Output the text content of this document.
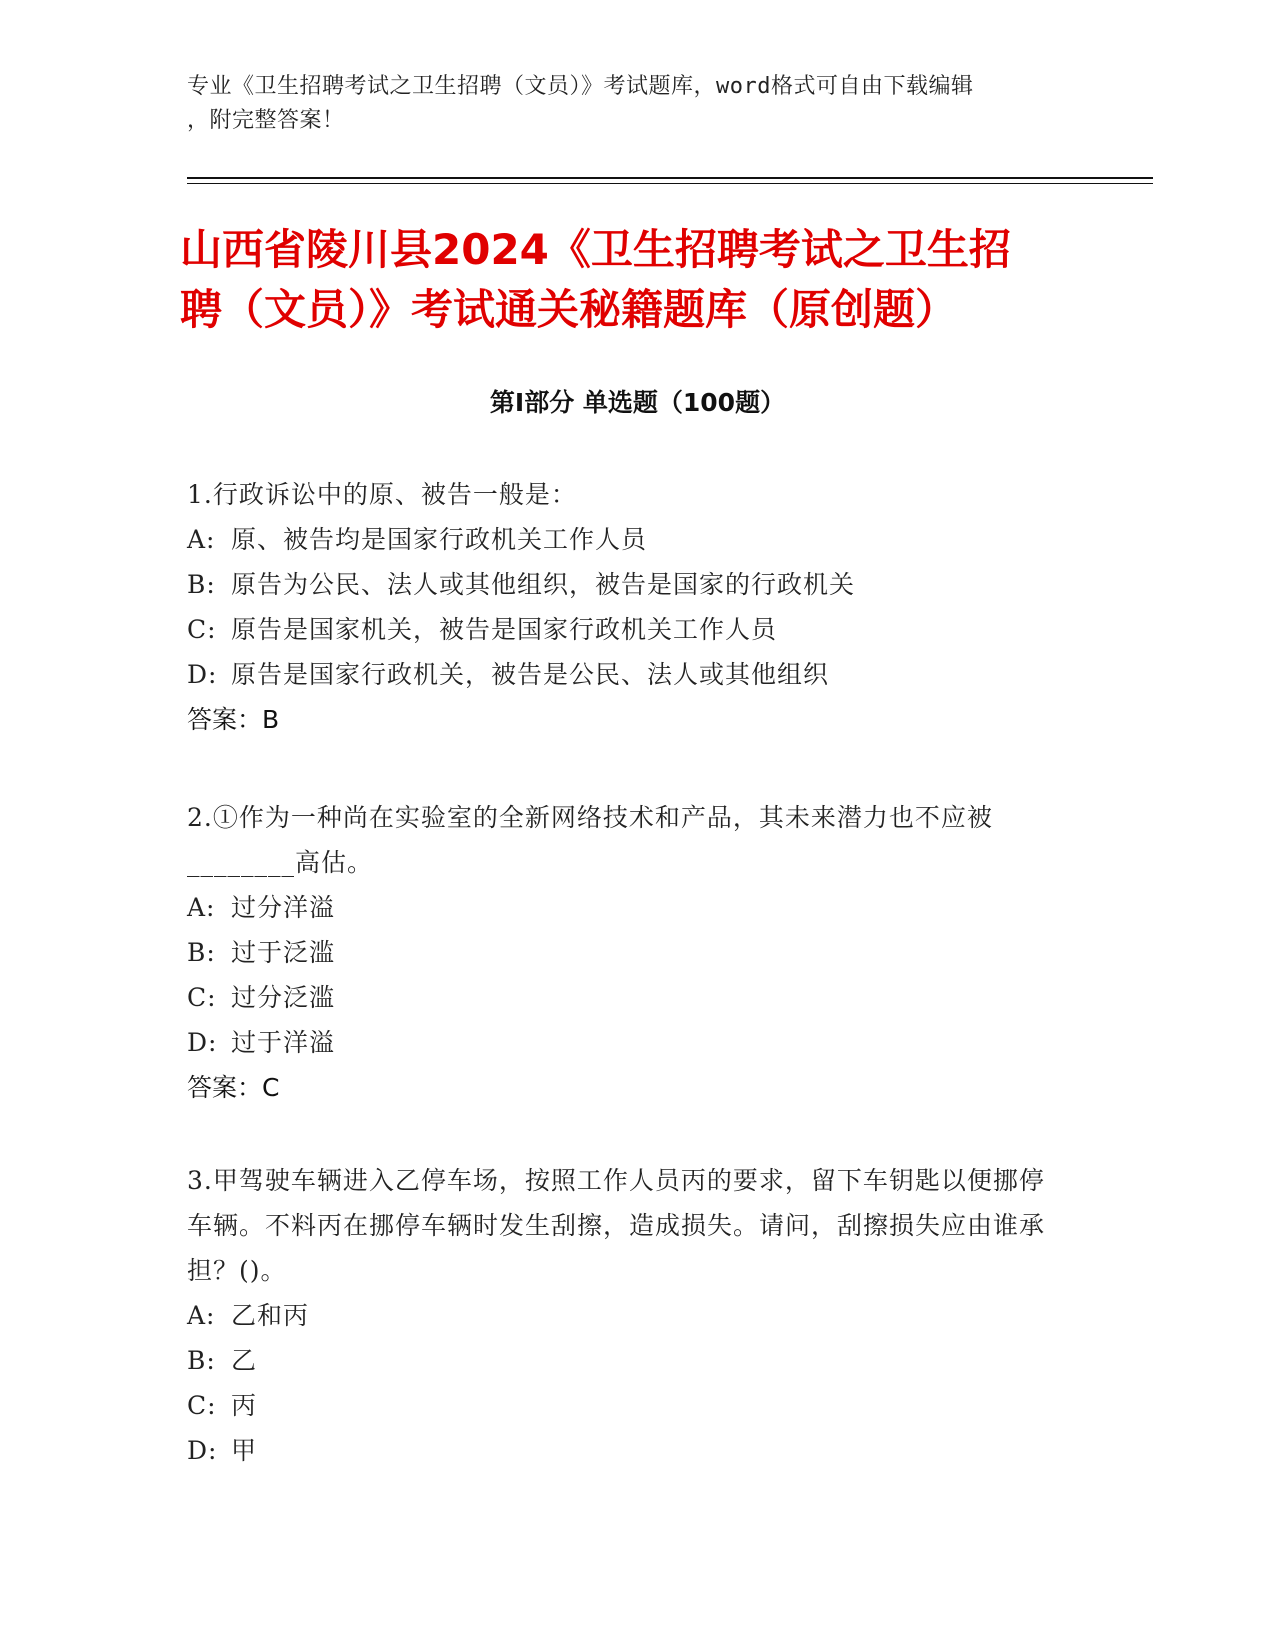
专业《卫生招聘考试之卫生招聘（文员）》考试题库，word格式可自由下载编辑
，附完整答案！
山西省陵川县2024《卫生招聘考试之卫生招
聘（文员）》考试通关秘籍题库（原创题）
第Ⅰ部分 单选题（100题）
1.行政诉讼中的原、被告一般是：
A: 原、被告均是国家行政机关工作人员
B: 原告为公民、法人或其他组织，被告是国家的行政机关
C: 原告是国家机关，被告是国家行政机关工作人员
D: 原告是国家行政机关，被告是公民、法人或其他组织
答案：B
2.①作为一种尚在实验室的全新网络技术和产品，其未来潜力也不应被________高估。
A: 过分洋溢
B: 过于泛滥
C: 过分泛滥
D: 过于洋溢
答案：C
3.甲驾驶车辆进入乙停车场，按照工作人员丙的要求，留下车钥匙以便挪停车辆。不料丙在挪停车辆时发生刮擦，造成损失。请问，刮擦损失应由谁承担？()。
A: 乙和丙
B: 乙
C: 丙
D: 甲
